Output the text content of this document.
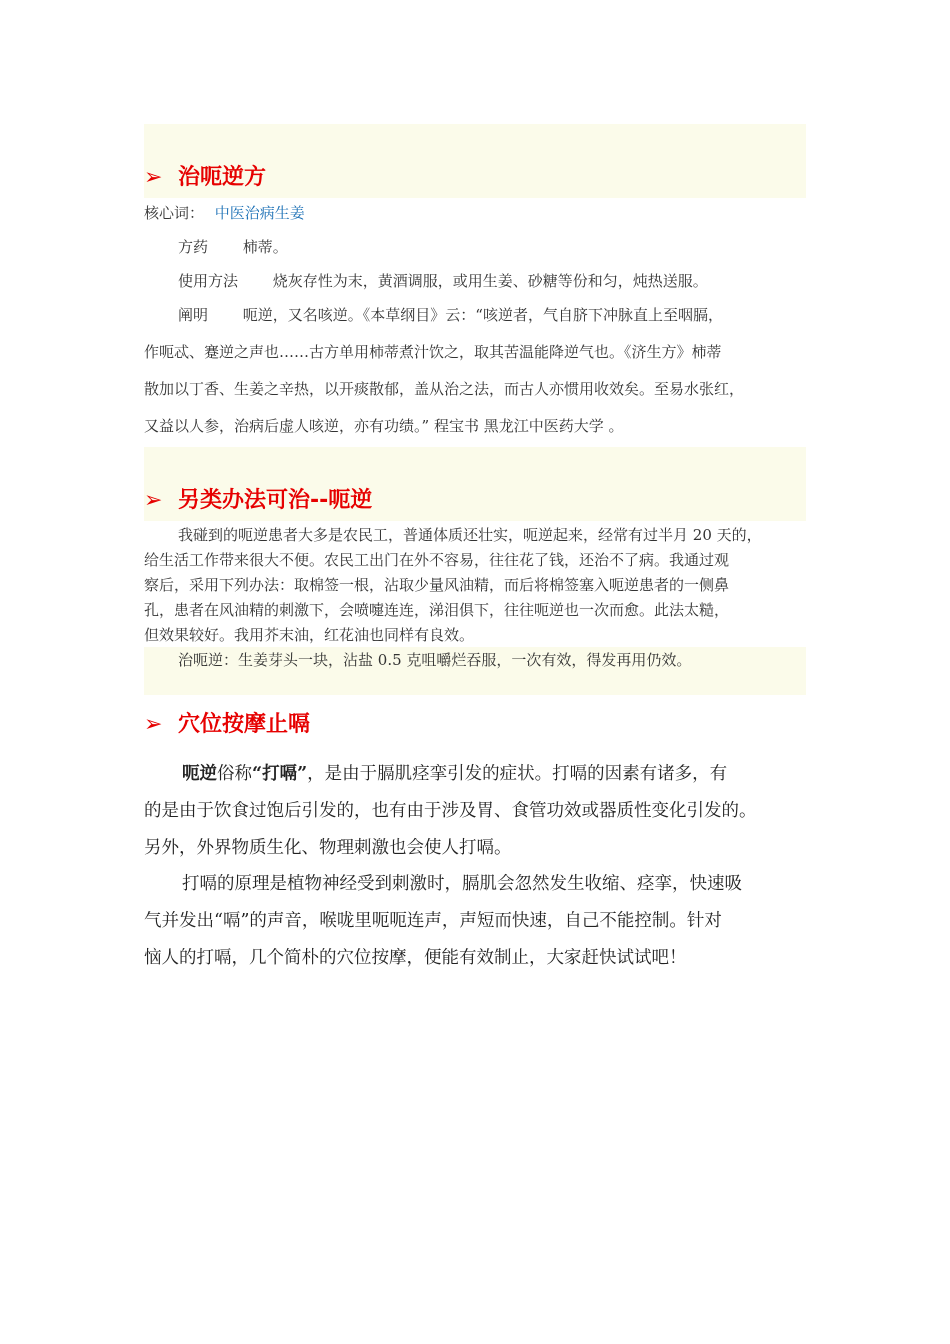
➢ 治呃逆方
核心词： 中医治病生姜
方药 柿蒂。
使用方法 烧灰存性为末，黄酒调服，或用生姜、砂糖等份和匀，炖热送服。
阐明 呃逆，又名咳逆。《本草纲目》云：“咳逆者，气自脐下冲脉直上至咽膈，
作呃忒、蹇逆之声也……古方单用柿蒂煮汁饮之，取其苦温能降逆气也。《济生方》柿蒂
散加以丁香、生姜之辛热，以开痰散郁，盖从治之法，而古人亦惯用收效矣。至易水张红，
又益以人参，治病后虚人咳逆，亦有功绩。” 程宝书 黑龙江中医药大学 。
➢ 另类办法可治--呃逆
我碰到的呃逆患者大多是农民工，普通体质还壮实，呃逆起来，经常有过半月 20 天的，
给生活工作带来很大不便。农民工出门在外不容易，往往花了钱，还治不了病。我通过观
察后，采用下列办法：取棉签一根，沾取少量风油精，而后将棉签塞入呃逆患者的一侧鼻
孔，患者在风油精的刺激下，会喷嚏连连，涕泪俱下，往往呃逆也一次而愈。此法太糙，
但效果较好。我用芥末油，红花油也同样有良效。
治呃逆：生姜芽头一块，沾盐 0.5 克咀嚼烂吞服，一次有效，得发再用仍效。
➢ 穴位按摩止嗝
呃逆俗称“打嗝”，是由于膈肌痉挛引发的症状。打嗝的因素有诸多，有
的是由于饮食过饱后引发的，也有由于涉及胃、食管功效或器质性变化引发的。
另外，外界物质生化、物理刺激也会使人打嗝。
打嗝的原理是植物神经受到刺激时，膈肌会忽然发生收缩、痉挛，快速吸
气并发出“嗝”的声音，喉咙里呃呃连声，声短而快速，自己不能控制。针对
恼人的打嗝，几个简朴的穴位按摩，便能有效制止，大家赶快试试吧！
